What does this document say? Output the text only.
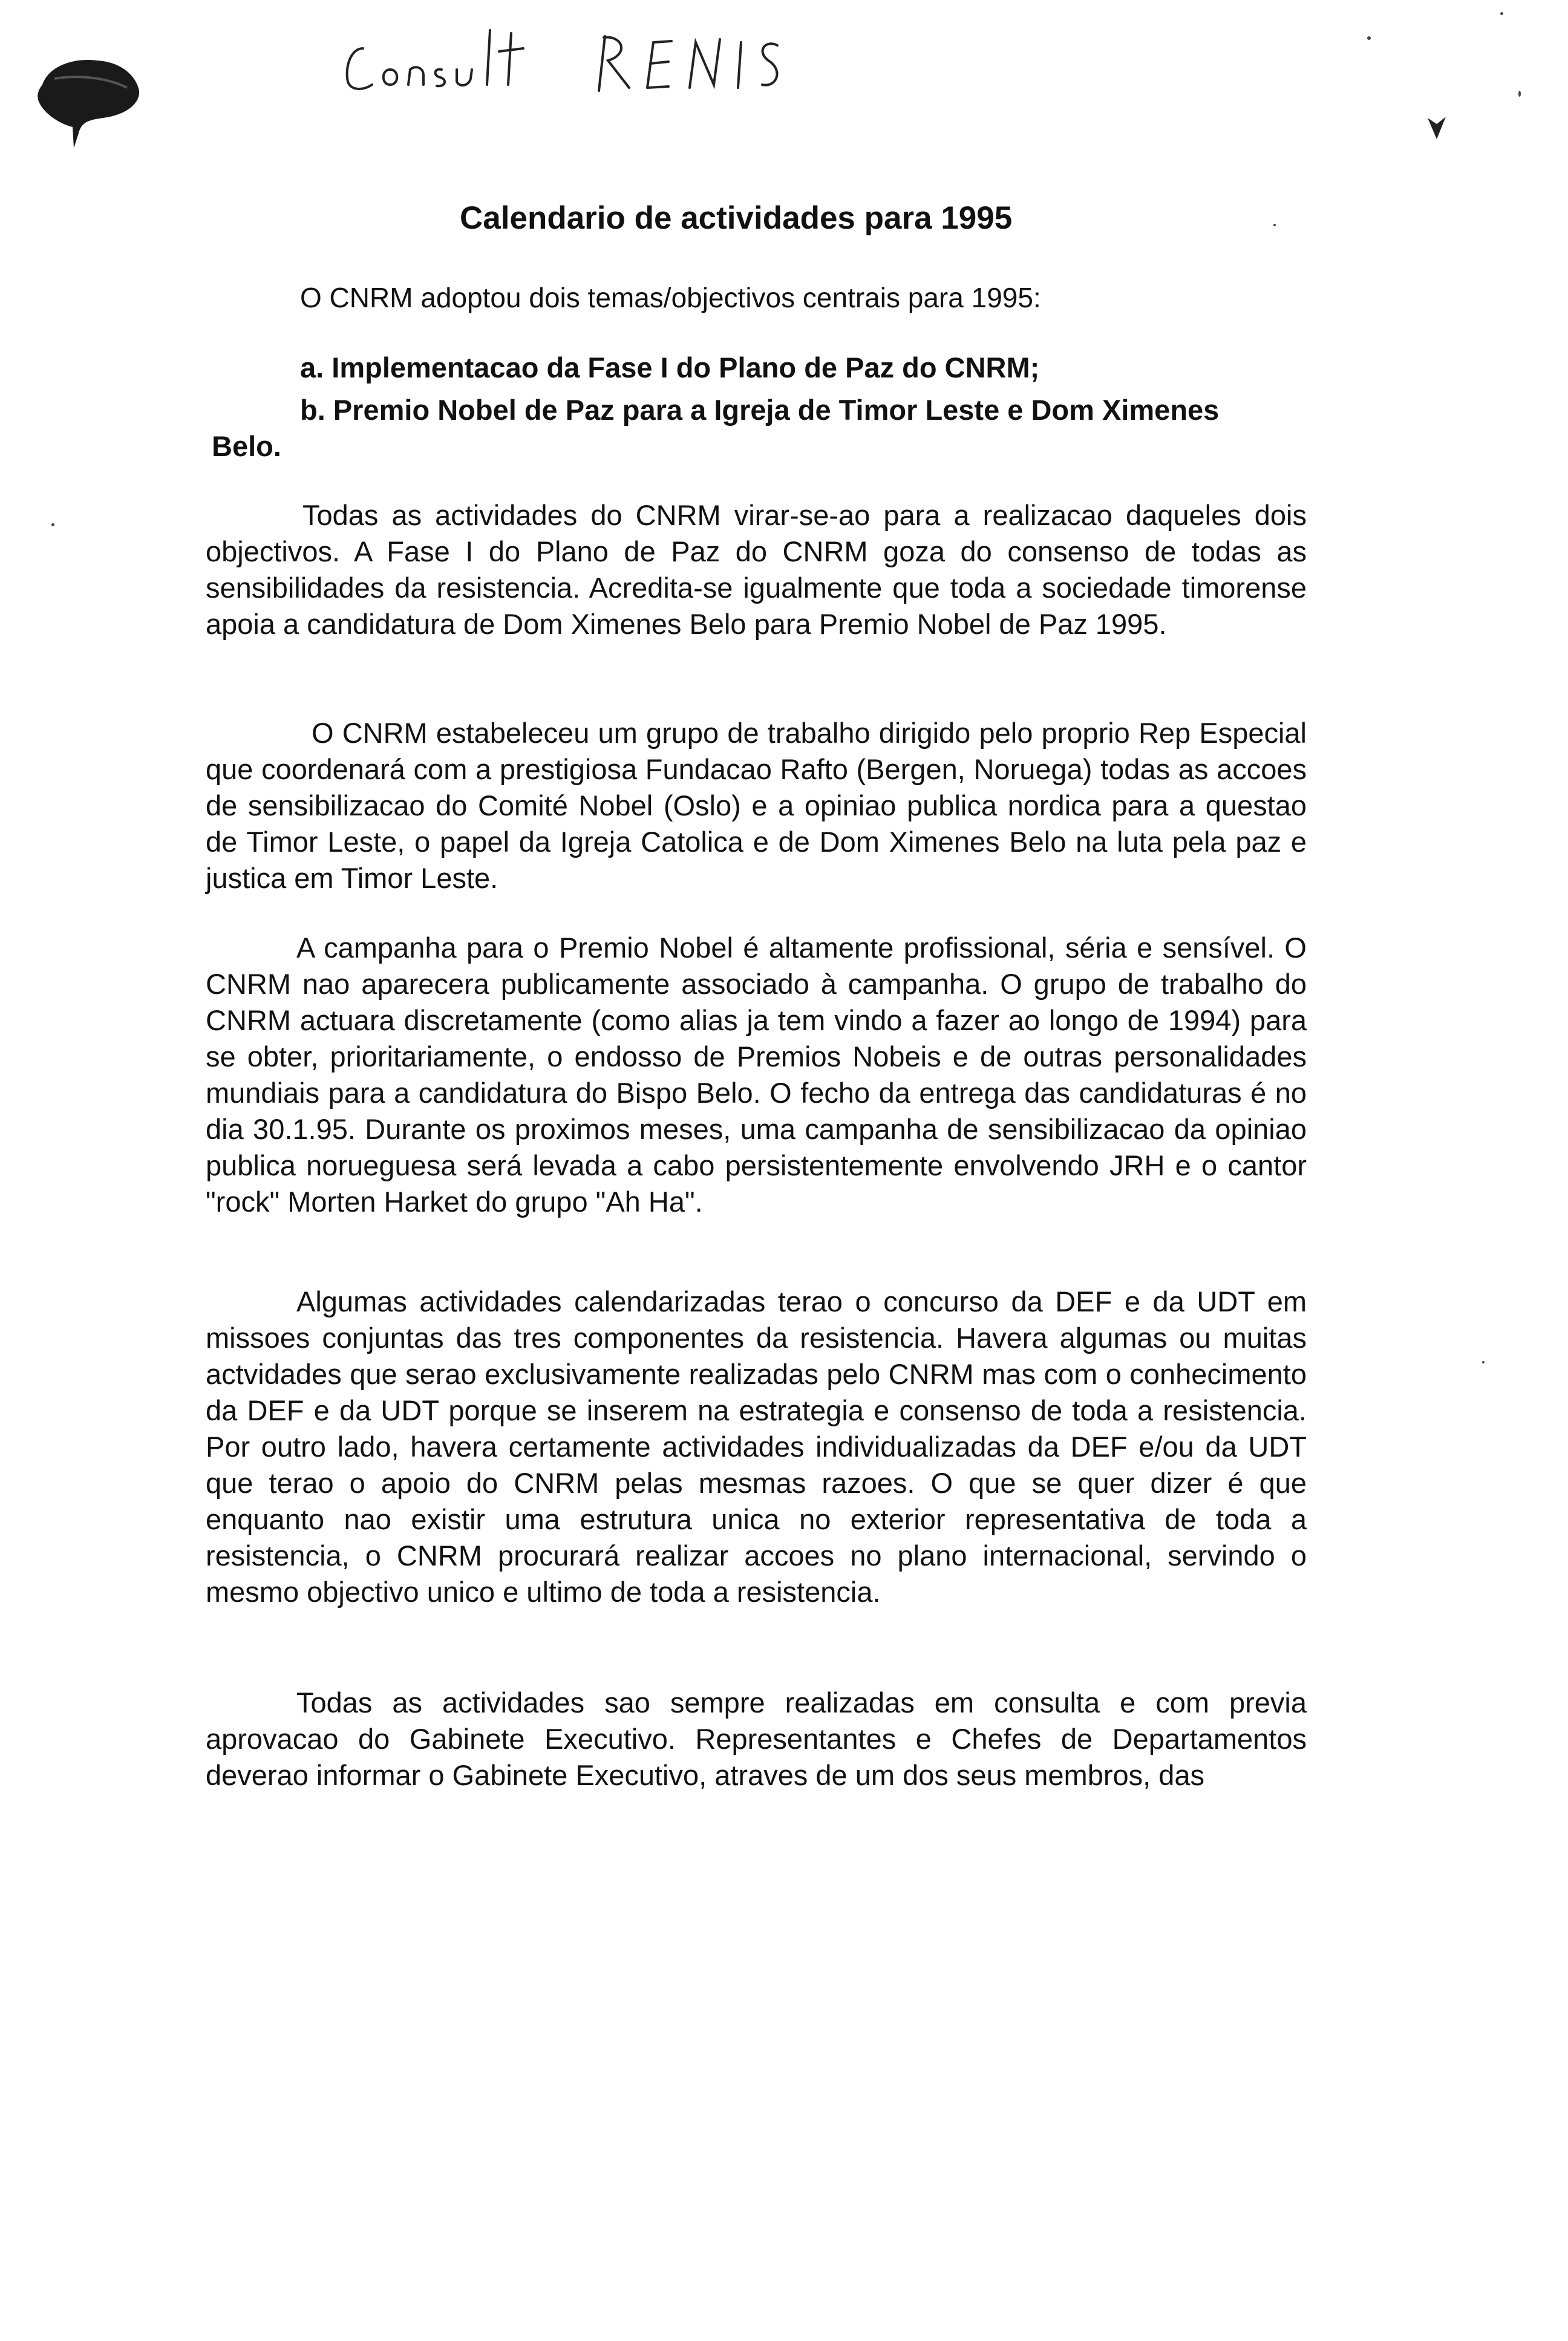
Calendario de actividades para 1995
O CNRM adoptou dois temas/objectivos centrais para 1995:
a. Implementacao da Fase I do Plano de Paz do CNRM;
b. Premio Nobel de Paz para a Igreja de Timor Leste e Dom Ximenes
Belo.

Todas as actividades do CNRM virar-se-ao para a realizacao daqueles dois objectivos. A Fase I do Plano de Paz do CNRM goza do consenso de todas as sensibilidades da resistencia. Acredita-se igualmente que toda a sociedade timorense apoia a candidatura de Dom Ximenes Belo para Premio Nobel de Paz 1995.

O CNRM estabeleceu um grupo de trabalho dirigido pelo proprio Rep Especial que coordenará com a prestigiosa Fundacao Rafto (Bergen, Noruega) todas as accoes de sensibilizacao do Comité Nobel (Oslo) e a opiniao publica nordica para a questao de Timor Leste, o papel da Igreja Catolica e de Dom Ximenes Belo na luta pela paz e justica em Timor Leste.

A campanha para o Premio Nobel é altamente profissional, séria e sensível. O CNRM nao aparecera publicamente associado à campanha. O grupo de trabalho do CNRM actuara discretamente (como alias ja tem vindo a fazer ao longo de 1994) para se obter, prioritariamente, o endosso de Premios Nobeis e de outras personalidades mundiais para a candidatura do Bispo Belo. O fecho da entrega das candidaturas é no dia 30.1.95. Durante os proximos meses, uma campanha de sensibilizacao da opiniao publica norueguesa será levada a cabo persistentemente envolvendo JRH e o cantor "rock" Morten Harket do grupo "Ah Ha".

Algumas actividades calendarizadas terao o concurso da DEF e da UDT em missoes conjuntas das tres componentes da resistencia. Havera algumas ou muitas actvidades que serao exclusivamente realizadas pelo CNRM mas com o conhecimento da DEF e da UDT porque se inserem na estrategia e consenso de toda a resistencia. Por outro lado, havera certamente actividades individualizadas da DEF e/ou da UDT que terao o apoio do CNRM pelas mesmas razoes. O que se quer dizer é que enquanto nao existir uma estrutura unica no exterior representativa de toda a resistencia, o CNRM procurará realizar accoes no plano internacional, servindo o mesmo objectivo unico e ultimo de toda a resistencia.

Todas as actividades sao sempre realizadas em consulta e com previa aprovacao do Gabinete Executivo. Representantes e Chefes de Departamentos deverao informar o Gabinete Executivo, atraves de um dos seus membros, das
